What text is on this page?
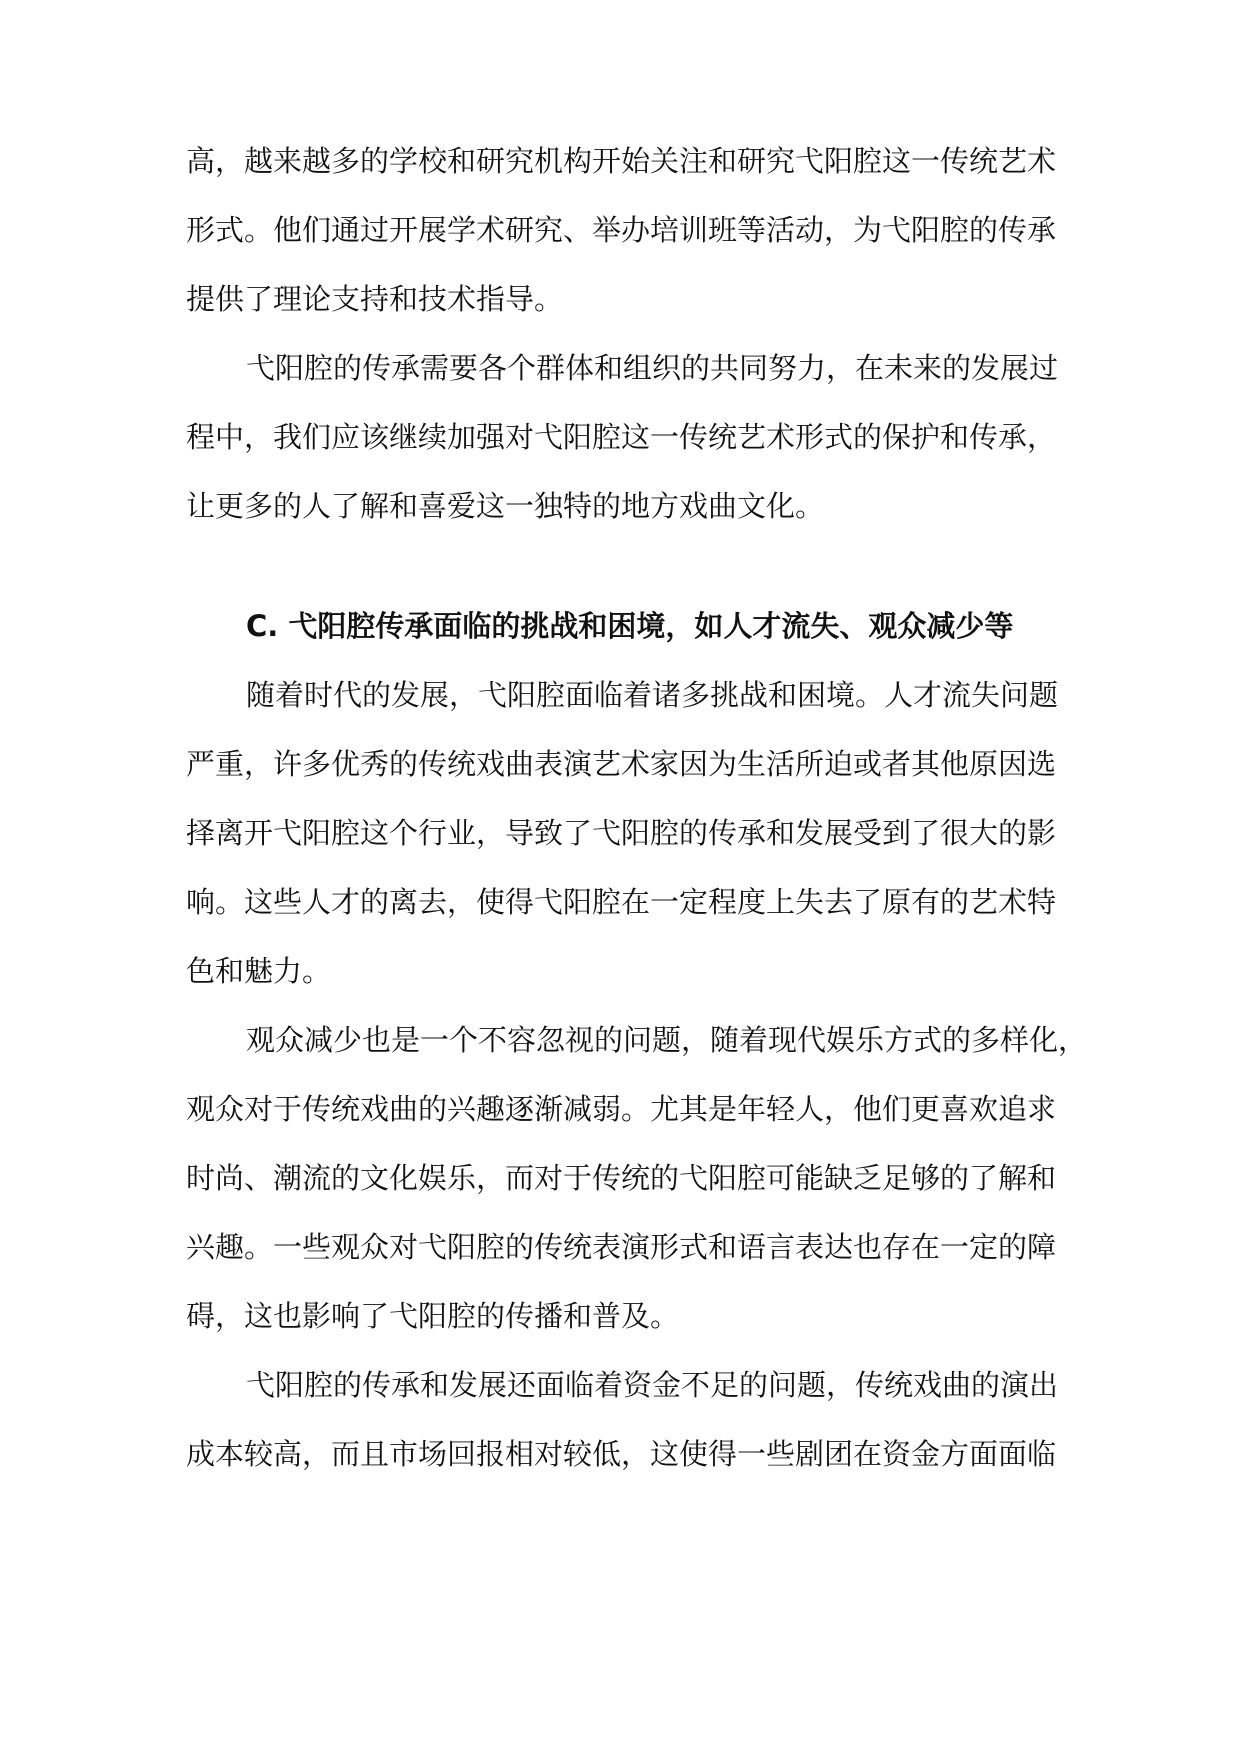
高，越来越多的学校和研究机构开始关注和研究弋阳腔这一传统艺术
形式。他们通过开展学术研究、举办培训班等活动，为弋阳腔的传承
提供了理论支持和技术指导。
弋阳腔的传承需要各个群体和组织的共同努力，在未来的发展过
程中，我们应该继续加强对弋阳腔这一传统艺术形式的保护和传承，
让更多的人了解和喜爱这一独特的地方戏曲文化。
C. 弋阳腔传承面临的挑战和困境，如人才流失、观众减少等
随着时代的发展，弋阳腔面临着诸多挑战和困境。人才流失问题
严重，许多优秀的传统戏曲表演艺术家因为生活所迫或者其他原因选
择离开弋阳腔这个行业，导致了弋阳腔的传承和发展受到了很大的影
响。这些人才的离去，使得弋阳腔在一定程度上失去了原有的艺术特
色和魅力。
观众减少也是一个不容忽视的问题，随着现代娱乐方式的多样化，
观众对于传统戏曲的兴趣逐渐减弱。尤其是年轻人，他们更喜欢追求
时尚、潮流的文化娱乐，而对于传统的弋阳腔可能缺乏足够的了解和
兴趣。一些观众对弋阳腔的传统表演形式和语言表达也存在一定的障
碍，这也影响了弋阳腔的传播和普及。
弋阳腔的传承和发展还面临着资金不足的问题，传统戏曲的演出
成本较高，而且市场回报相对较低，这使得一些剧团在资金方面面临
